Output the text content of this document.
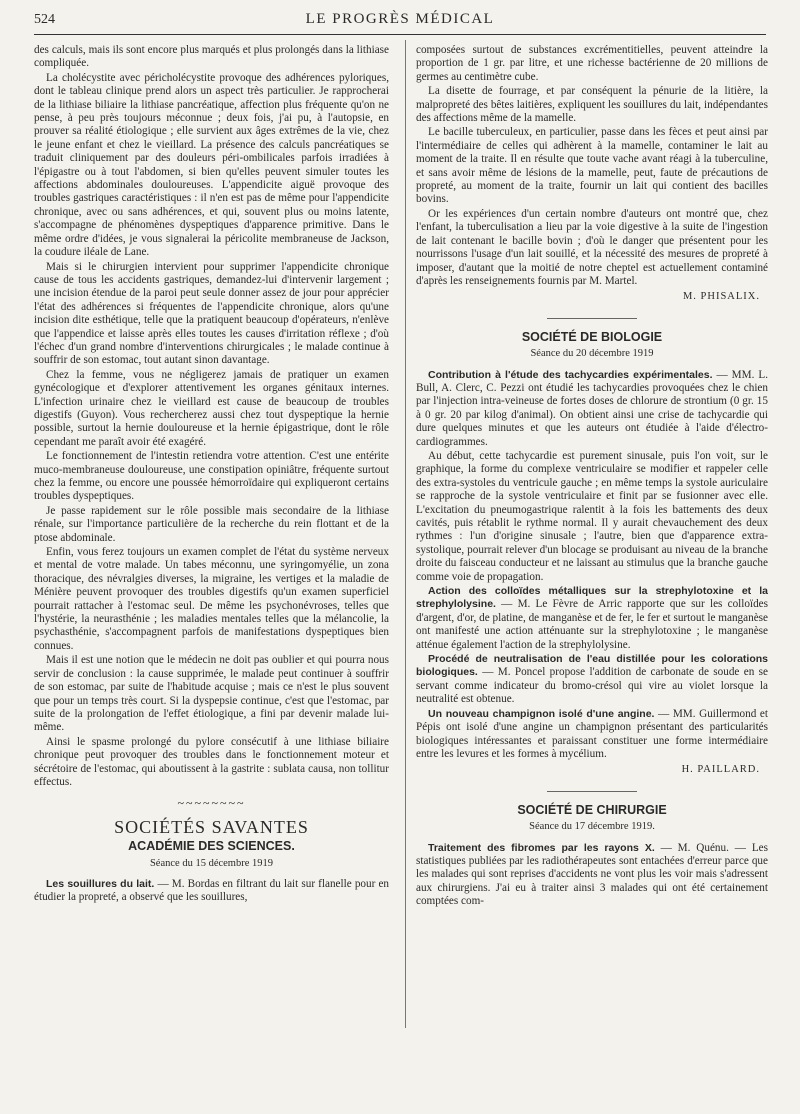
524	LE PROGRÈS MÉDICAL

des calculs, mais ils sont encore plus marqués et plus prolongés dans la lithiase compliquée.

La cholécystite avec péricholécystite provoque des adhérences pyloriques, dont le tableau clinique prend alors un aspect très particulier. Je rapprocherai de la lithiase biliaire la lithiase pancréatique, affection plus fréquente qu'on ne pense, à peu près toujours méconnue ; deux fois, j'ai pu, à l'autopsie, en prouver sa réalité étiologique ; elle survient aux âges extrêmes de la vie, chez le jeune enfant et chez le vieillard. La présence des calculs pancréatiques se traduit cliniquement par des douleurs péri-ombilicales parfois irradiées à l'épigastre ou à tout l'abdomen, si bien qu'elles peuvent simuler toutes les affections abdominales douloureuses. L'appendicite aiguë provoque des troubles gastriques caractéristiques : il n'en est pas de même pour l'appendicite chronique, avec ou sans adhérences, et qui, souvent plus ou moins latente, s'accompagne de phénomènes dyspeptiques d'apparence primitive. Dans le même ordre d'idées, je vous signalerai la péricolite membraneuse de Jackson, la coudure iléale de Lane.

Mais si le chirurgien intervient pour supprimer l'appendicite chronique cause de tous les accidents gastriques, demandez-lui d'intervenir largement ; une incision étendue de la paroi peut seule donner assez de jour pour apprécier l'état des adhérences si fréquentes de l'appendicite chronique, alors qu'une incision dite esthétique, telle que la pratiquent beaucoup d'opérateurs, n'enlève que l'appendice et laisse après elles toutes les causes d'irritation réflexe ; d'où l'échec d'un grand nombre d'interventions chirurgicales ; le malade continue à souffrir de son estomac, tout autant sinon davantage.

Chez la femme, vous ne négligerez jamais de pratiquer un examen gynécologique et d'explorer attentivement les organes génitaux internes. L'infection urinaire chez le vieillard est cause de beaucoup de troubles digestifs (Guyon). Vous rechercherez aussi chez tout dyspeptique la hernie possible, surtout la hernie douloureuse et la hernie épigastrique, dont le rôle cependant me paraît avoir été exagéré.

Le fonctionnement de l'intestin retiendra votre attention. C'est une entérite muco-membraneuse douloureuse, une constipation opiniâtre, fréquente surtout chez la femme, ou encore une poussée hémorroïdaire qui expliqueront certains troubles dyspeptiques.

Je passe rapidement sur le rôle possible mais secondaire de la lithiase rénale, sur l'importance particulière de la recherche du rein flottant et de la ptose abdominale.

Enfin, vous ferez toujours un examen complet de l'état du système nerveux et mental de votre malade. Un tabes méconnu, une syringomyélie, un zona thoracique, des névralgies diverses, la migraine, les vertiges et la maladie de Ménière peuvent provoquer des troubles digestifs qu'un examen superficiel pourrait rattacher à l'estomac seul. De même les psychonévroses, telles que l'hystérie, la neurasthénie ; les maladies mentales telles que la mélancolie, la psychasthénie, s'accompagnent parfois de manifestations dyspeptiques bien connues.

Mais il est une notion que le médecin ne doit pas oublier et qui pourra nous servir de conclusion : la cause supprimée, le malade peut continuer à souffrir de son estomac, par suite de l'habitude acquise ; mais ce n'est le plus souvent que pour un temps très court. Si la dyspepsie continue, c'est que l'estomac, par suite de la prolongation de l'effet étiologique, a fini par devenir malade lui-même.

Ainsi le spasme prolongé du pylore consécutif à une lithiase biliaire chronique peut provoquer des troubles dans le fonctionnement moteur et sécrétoire de l'estomac, qui aboutissent à la gastrite : sublata causa, non tollitur effectus.

~~~~~~~~
SOCIÉTÉS SAVANTES
ACADÉMIE DES SCIENCES.
Séance du 15 décembre 1919

Les souillures du lait. — M. Bordas en filtrant du lait sur flanelle pour en étudier la propreté, a observé que les souillures,

composées surtout de substances excrémentitielles, peuvent atteindre la proportion de 1 gr. par litre, et une richesse bactérienne de 20 millions de germes au centimètre cube.

La disette de fourrage, et par conséquent la pénurie de la litière, la malpropreté des bêtes laitières, expliquent les souillures du lait, indépendantes des affections même de la mamelle.

Le bacille tuberculeux, en particulier, passe dans les fèces et peut ainsi par l'intermédiaire de celles qui adhèrent à la mamelle, contaminer le lait au moment de la traite. Il en résulte que toute vache avant réagi à la tuberculine, et sans avoir même de lésions de la mamelle, peut, faute de précautions de propreté, au moment de la traite, fournir un lait qui contient des bacilles bovins.

Or les expériences d'un certain nombre d'auteurs ont montré que, chez l'enfant, la tuberculisation a lieu par la voie digestive à la suite de l'ingestion de lait contenant le bacille bovin ; d'où le danger que présentent pour les nourrissons l'usage d'un lait souillé, et la nécessité des mesures de propreté à imposer, d'autant que la moitié de notre cheptel est actuellement contaminé d'après les renseignements fournis par M. Martel.

M. PHISALIX.
SOCIÉTÉ DE BIOLOGIE
Séance du 20 décembre 1919

Contribution à l'étude des tachycardies expérimentales. — MM. L. Bull, A. Clerc, C. Pezzi ont étudié les tachycardies provoquées chez le chien par l'injection intra-veineuse de fortes doses de chlorure de strontium (0 gr. 15 à 0 gr. 20 par kilog d'animal). On obtient ainsi une crise de tachycardie qui dure quelques minutes et que les auteurs ont étudiée à l'aide d'électro-cardiogrammes.

Au début, cette tachycardie est purement sinusale, puis l'on voit, sur le graphique, la forme du complexe ventriculaire se modifier et rappeler celle des extra-systoles du ventricule gauche ; en même temps la systole auriculaire se rapproche de la systole ventriculaire et finit par se fusionner avec elle. L'excitation du pneumogastrique ralentit à la fois les battements des deux cavités, puis rétablit le rythme normal. Il y aurait chevauchement des deux rythmes : l'un d'origine sinusale ; l'autre, bien que d'apparence extra-systolique, pourrait relever d'un blocage se produisant au niveau de la branche droite du faisceau conducteur et ne laissant au stimulus que la branche gauche comme voie de propagation.

Action des colloïdes métalliques sur la strephylotoxine et la strephylolysine. — M. Le Fèvre de Arric rapporte que sur les colloïdes d'argent, d'or, de platine, de manganèse et de fer, le fer et surtout le manganèse ont manifesté une action atténuante sur la strephylotoxine ; le manganèse atténue également l'action de la strephylolysine.

Procédé de neutralisation de l'eau distillée pour les colorations biologiques. — M. Poncel propose l'addition de carbonate de soude en se servant comme indicateur du bromo-crésol qui vire au violet lorsque la neutralité est obtenue.

Un nouveau champignon isolé d'une angine. — MM. Guillermond et Pépis ont isolé d'une angine un champignon présentant des particularités biologiques intéressantes et paraissant constituer une forme intermédiaire entre les levures et les formes à mycélium.

H. PAILLARD.
SOCIÉTÉ DE CHIRURGIE
Séance du 17 décembre 1919.

Traitement des fibromes par les rayons X. — M. Quénu. — Les statistiques publiées par les radiothérapeutes sont entachées d'erreur parce que les malades qui sont reprises d'accidents ne vont plus les voir mais s'adressent aux chirurgiens. J'ai eu à traiter ainsi 3 malades qui ont été certainement comptées com-
